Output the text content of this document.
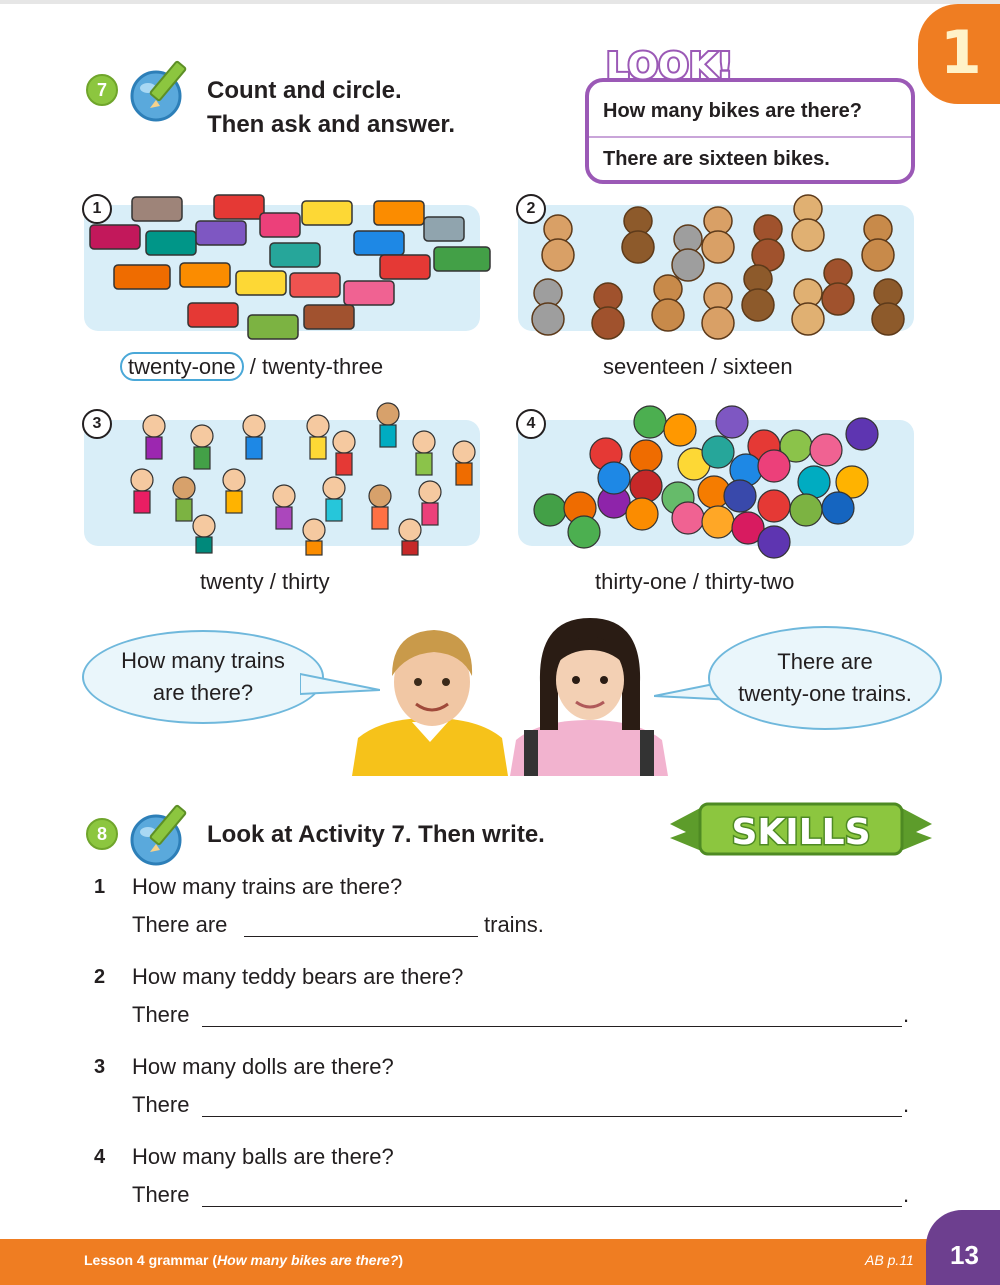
1
7	Count and circle.
Then ask and answer.	How many bikes are there?
There are sixteen bikes.
LOOK!
1
twenty-one / twenty-three
2
seventeen / sixteen
3
twenty / thirty
4
thirty-one / thirty-two
How many trains
are there?
There are
twenty-one trains.
8	Look at Activity 7. Then write.	SKILLS
1 How many trains are there?
There are	trains.
2 How many teddy bears are there?
There	.
3 How many dolls are there?
There	.
4 How many balls are there?
There	.
Lesson 4 grammar (How many bikes are there?)	AB p.11 13
